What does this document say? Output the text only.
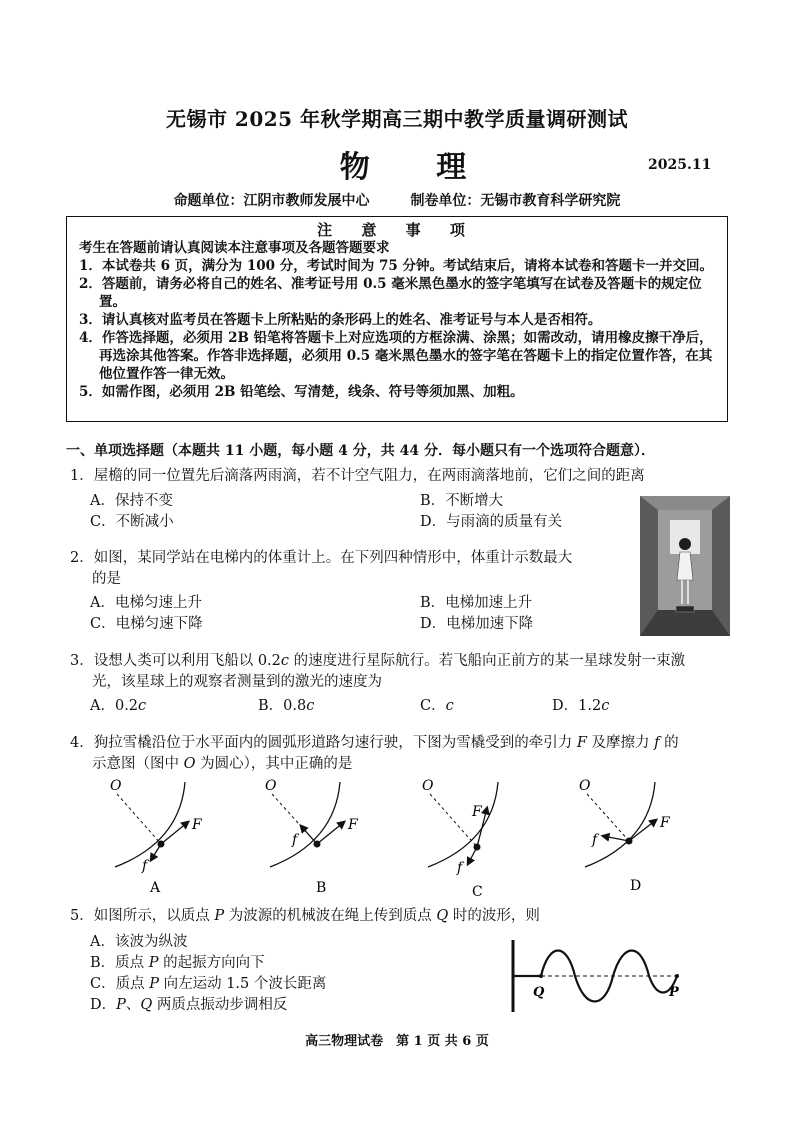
无锡市 2025 年秋学期高三期中教学质量调研测试
物 理	2025.11
命题单位：江阴市教师发展中心	制卷单位：无锡市教育科学研究院
注 意 事 项
考生在答题前请认真阅读本注意事项及各题答题要求
1．本试卷共 6 页，满分为 100 分，考试时间为 75 分钟。考试结束后，请将本试卷和答题卡一并交回。
2．答题前，请务必将自己的姓名、准考证号用 0.5 毫米黑色墨水的签字笔填写在试卷及答题卡的规定位置。
3．请认真核对监考员在答题卡上所粘贴的条形码上的姓名、准考证号与本人是否相符。
4．作答选择题，必须用 2B 铅笔将答题卡上对应选项的方框涂满、涂黑；如需改动，请用橡皮擦干净后，再选涂其他答案。作答非选择题，必须用 0.5 毫米黑色墨水的签字笔在答题卡上的指定位置作答，在其他位置作答一律无效。
5．如需作图，必须用 2B 铅笔绘、写清楚，线条、符号等须加黑、加粗。
一、单项选择题（本题共 11 小题，每小题 4 分，共 44 分．每小题只有一个选项符合题意）．
1．屋檐的同一位置先后滴落两雨滴，若不计空气阻力，在两雨滴落地前，它们之间的距离
A．保持不变	B．不断增大
C．不断减小	D．与雨滴的质量有关
2．如图，某同学站在电梯内的体重计上。在下列四种情形中，体重计示数最大
的是
A．电梯匀速上升	B．电梯加速上升
C．电梯匀速下降	D．电梯加速下降
3．设想人类可以利用飞船以 0.2c 的速度进行星际航行。若飞船向正前方的某一星球发射一束激
光，该星球上的观察者测量到的激光的速度为
A．0.2c	B．0.8c	C．c	D．1.2c
4．狗拉雪橇沿位于水平面内的圆弧形道路匀速行驶，下图为雪橇受到的牵引力 F 及摩擦力 f 的
示意图（图中 O 为圆心），其中正确的是
O
F
f
A
O
F
f
B
O
F
f
C
O
F
f
D
5．如图所示，以质点 P 为波源的机械波在绳上传到质点 Q 时的波形，则
A．该波为纵波
B．质点 P 的起振方向向下
C．质点 P 向左运动 1.5 个波长距离
D．P、Q 两质点振动步调相反
Q	P
高三物理试卷　第 1 页 共 6 页
